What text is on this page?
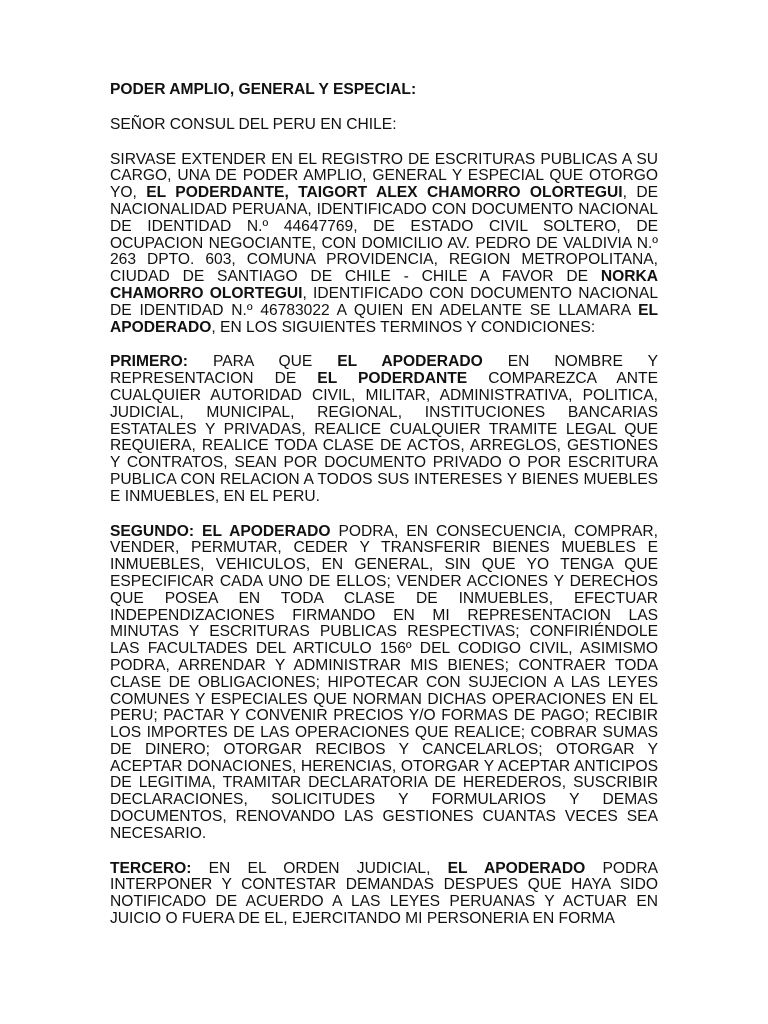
PODER AMPLIO, GENERAL Y ESPECIAL:

SEÑOR CONSUL DEL PERU EN CHILE:

SIRVASE EXTENDER EN EL REGISTRO DE ESCRITURAS PUBLICAS A SU CARGO, UNA DE PODER AMPLIO, GENERAL Y ESPECIAL QUE OTORGO YO, EL PODERDANTE, TAIGORT ALEX CHAMORRO OLORTEGUI, DE NACIONALIDAD PERUANA, IDENTIFICADO CON DOCUMENTO NACIONAL DE IDENTIDAD N.º 44647769, DE ESTADO CIVIL SOLTERO, DE OCUPACION NEGOCIANTE, CON DOMICILIO AV. PEDRO DE VALDIVIA N.º 263 DPTO. 603, COMUNA PROVIDENCIA, REGION METROPOLITANA, CIUDAD DE SANTIAGO DE CHILE - CHILE A FAVOR DE NORKA CHAMORRO OLORTEGUI, IDENTIFICADO CON DOCUMENTO NACIONAL DE IDENTIDAD N.º 46783022 A QUIEN EN ADELANTE SE LLAMARA EL APODERADO, EN LOS SIGUIENTES TERMINOS Y CONDICIONES:

PRIMERO: PARA QUE EL APODERADO EN NOMBRE Y REPRESENTACION DE EL PODERDANTE COMPAREZCA ANTE CUALQUIER AUTORIDAD CIVIL, MILITAR, ADMINISTRATIVA, POLITICA, JUDICIAL, MUNICIPAL, REGIONAL, INSTITUCIONES BANCARIAS ESTATALES Y PRIVADAS, REALICE CUALQUIER TRAMITE LEGAL QUE REQUIERA, REALICE TODA CLASE DE ACTOS, ARREGLOS, GESTIONES Y CONTRATOS, SEAN POR DOCUMENTO PRIVADO O POR ESCRITURA PUBLICA CON RELACION A TODOS SUS INTERESES Y BIENES MUEBLES E INMUEBLES, EN EL PERU.

SEGUNDO: EL APODERADO PODRA, EN CONSECUENCIA, COMPRAR, VENDER, PERMUTAR, CEDER Y TRANSFERIR BIENES MUEBLES E INMUEBLES, VEHICULOS, EN GENERAL, SIN QUE YO TENGA QUE ESPECIFICAR CADA UNO DE ELLOS; VENDER ACCIONES Y DERECHOS QUE POSEA EN TODA CLASE DE INMUEBLES, EFECTUAR INDEPENDIZACIONES FIRMANDO EN MI REPRESENTACION LAS MINUTAS Y ESCRITURAS PUBLICAS RESPECTIVAS; CONFIRIÉNDOLE LAS FACULTADES DEL ARTICULO 156º DEL CODIGO CIVIL, ASIMISMO PODRA, ARRENDAR Y ADMINISTRAR MIS BIENES; CONTRAER TODA CLASE DE OBLIGACIONES; HIPOTECAR CON SUJECION A LAS LEYES COMUNES Y ESPECIALES QUE NORMAN DICHAS OPERACIONES EN EL PERU; PACTAR Y CONVENIR PRECIOS Y/O FORMAS DE PAGO; RECIBIR LOS IMPORTES DE LAS OPERACIONES QUE REALICE; COBRAR SUMAS DE DINERO; OTORGAR RECIBOS Y CANCELARLOS; OTORGAR Y ACEPTAR DONACIONES, HERENCIAS, OTORGAR Y ACEPTAR ANTICIPOS DE LEGITIMA, TRAMITAR DECLARATORIA DE HEREDEROS, SUSCRIBIR DECLARACIONES, SOLICITUDES Y FORMULARIOS Y DEMAS DOCUMENTOS, RENOVANDO LAS GESTIONES CUANTAS VECES SEA NECESARIO.

TERCERO: EN EL ORDEN JUDICIAL, EL APODERADO PODRA INTERPONER Y CONTESTAR DEMANDAS DESPUES QUE HAYA SIDO NOTIFICADO DE ACUERDO A LAS LEYES PERUANAS Y ACTUAR EN JUICIO O FUERA DE EL, EJERCITANDO MI PERSONERIA EN FORMA
